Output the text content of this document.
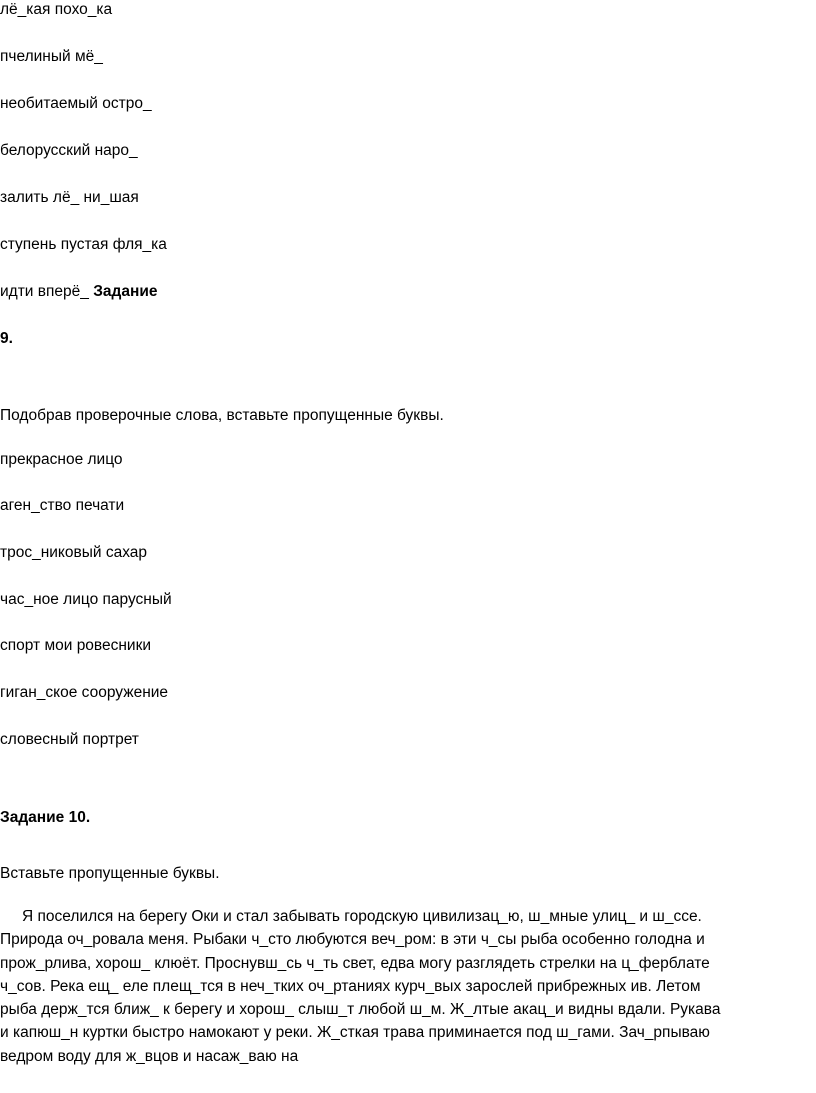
лё_кая похо_ка
пчелиный мё_
необитаемый остро_
белорусский наро_
залить лё_ ни_шая
ступень пустая фля_ка
идти вперё_ Задание
9.
Подобрав проверочные слова, вставьте пропущенные буквы.
прекрасное лицо
аген_ство печати
трос_никовый сахар
час_ное лицо парусный
спорт мои ровесники
гиган_ское сооружение
словесный портрет
Задание 10.
Вставьте пропущенные буквы.
Я поселился на берегу Оки и стал забывать городскую цивилизац_ю, ш_мные улиц_ и ш_ссе.
Природа оч_ровала меня. Рыбаки ч_сто любуются веч_ром: в эти ч_сы рыба особенно голодна и
прож_рлива, хорош_ клюёт. Проснувш_сь ч_ть свет, едва могу разглядеть стрелки на ц_ферблате
ч_сов. Река ещ_ еле плещ_тся в неч_тких оч_ртаниях курч_вых зарослей прибрежных ив. Летом
рыба держ_тся ближ_ к берегу и хорош_ слыш_т любой ш_м. Ж_лтые акац_и видны вдали. Рукава
и капюш_н куртки быстро намокают у реки. Ж_сткая трава приминается под ш_гами. Зач_рпываю
ведром воду для ж_вцов и насаж_ваю на
